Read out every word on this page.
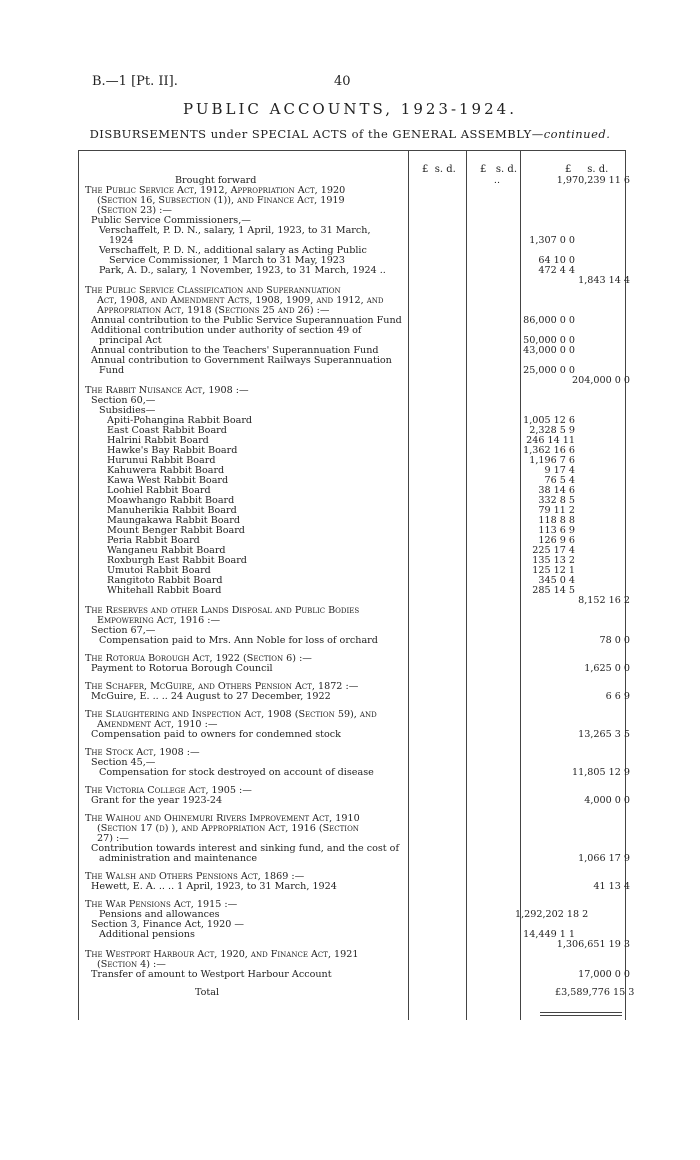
B.—1 [Pt. II].	40
PUBLIC ACCOUNTS, 1923-1924.
DISBURSEMENTS under SPECIAL ACTS of the GENERAL ASSEMBLY—continued.
£ s. d. £ s. d.	£ s. d.
Brought forward	..	1,970,239 11 6
The Public Service Act, 1912, Appropriation Act, 1920
(Section 16, Subsection (1)), and Finance Act, 1919
(Section 23) :—
Public Service Commissioners,—
Verschaffelt, P. D. N., salary, 1 April, 1923, to 31 March,
1924	1,307 0 0
Verschaffelt, P. D. N., additional salary as Acting Public
Service Commissioner, 1 March to 31 May, 1923	64 10 0
Park, A. D., salary, 1 November, 1923, to 31 March, 1924 ..	472 4 4
1,843 14 4
The Public Service Classification and Superannuation
Act, 1908, and Amendment Acts, 1908, 1909, and 1912, and
Appropriation Act, 1918 (Sections 25 and 26) :—
Annual contribution to the Public Service Superannuation Fund	86,000 0 0
Additional contribution under authority of section 49 of
principal Act	50,000 0 0
Annual contribution to the Teachers' Superannuation Fund	43,000 0 0
Annual contribution to Government Railways Superannuation
Fund	25,000 0 0
204,000 0 0
The Rabbit Nuisance Act, 1908 :—
Section 60,—
Subsidies—
Apiti-Pohangina Rabbit Board	1,005 12 6
East Coast Rabbit Board	2,328 5 9
Halrini Rabbit Board	246 14 11
Hawke's Bay Rabbit Board	1,362 16 6
Hurunui Rabbit Board	1,196 7 6
Kahuwera Rabbit Board	9 17 4
Kawa West Rabbit Board	76 5 4
Loohiel Rabbit Board	38 14 6
Moawhango Rabbit Board	332 8 5
Manuherikia Rabbit Board	79 11 2
Maungakawa Rabbit Board	118 8 8
Mount Benger Rabbit Board	113 6 9
Peria Rabbit Board	126 9 6
Wanganeu Rabbit Board	225 17 4
Roxburgh East Rabbit Board	135 13 2
Umutoi Rabbit Board	125 12 1
Rangitoto Rabbit Board	345 0 4
Whitehall Rabbit Board	285 14 5
8,152 16 2
The Reserves and other Lands Disposal and Public Bodies
Empowering Act, 1916 :—
Section 67,—
Compensation paid to Mrs. Ann Noble for loss of orchard	78 0 0
The Rotorua Borough Act, 1922 (Section 6) :—
Payment to Rotorua Borough Council	1,625 0 0
The Schafer, McGuire, and Others Pension Act, 1872 :—
McGuire, E. .. .. 24 August to 27 December, 1922	6 6 9
The Slaughtering and Inspection Act, 1908 (Section 59), and
Amendment Act, 1910 :—
Compensation paid to owners for condemned stock	13,265 3 5
The Stock Act, 1908 :—
Section 45,—
Compensation for stock destroyed on account of disease	11,805 12 9
The Victoria College Act, 1905 :—
Grant for the year 1923-24	4,000 0 0
The Waihou and Ohinemuri Rivers Improvement Act, 1910
(Section 17 (d) ), and Appropriation Act, 1916 (Section
27) :—
Contribution towards interest and sinking fund, and the cost of
administration and maintenance	1,066 17 9
The Walsh and Others Pensions Act, 1869 :—
Hewett, E. A. .. .. 1 April, 1923, to 31 March, 1924	41 13 4
The War Pensions Act, 1915 :—
Pensions and allowances	1,292,202 18 2
Section 3, Finance Act, 1920 —
Additional pensions	14,449 1 1
1,306,651 19 3
The Westport Harbour Act, 1920, and Finance Act, 1921
(Section 4) :—
Transfer of amount to Westport Harbour Account	17,000 0 0
Total	£3,589,776 15 3
